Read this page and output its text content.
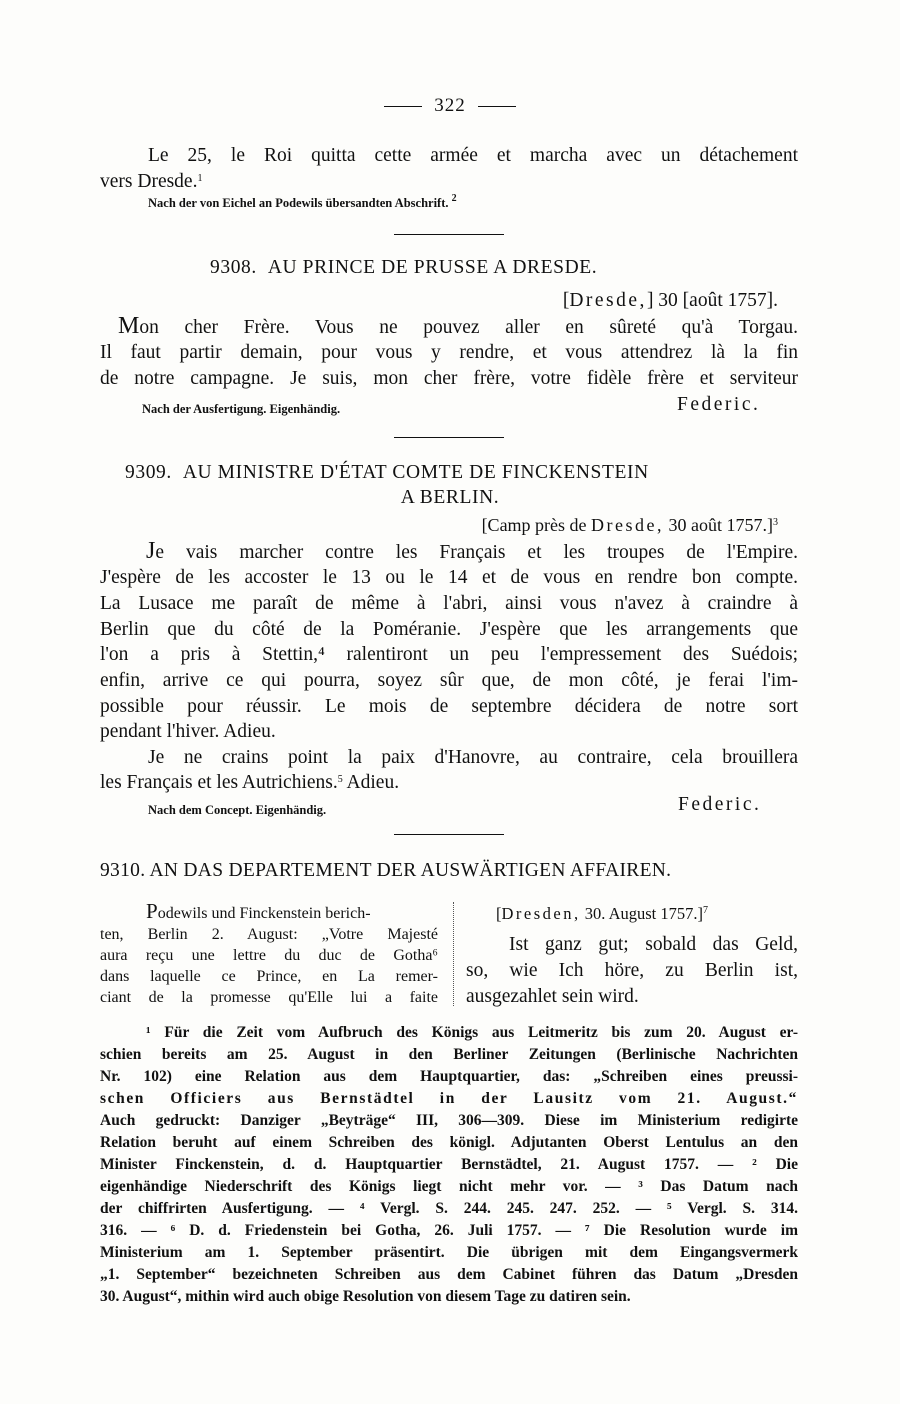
322
Le 25, le Roi quitta cette armée et marcha avec un détachement
vers Dresde.$^1$
Nach der von Eichel an Podewils übersandten Abschrift. $^2$
9308. AU PRINCE DE PRUSSE A DRESDE.
[Dresde,] 30 [août 1757].
Mon cher Frère. Vous ne pouvez aller en sûreté qu'à Torgau.
Il faut partir demain, pour vous y rendre, et vous attendrez là la fin
de notre campagne. Je suis, mon cher frère, votre fidèle frère et serviteur
Nach der Ausfertigung. Eigenhändig.	Federic.
9309. AU MINISTRE D'ÉTAT COMTE DE FINCKENSTEIN
A BERLIN.
[Camp près de Dresde, 30 août 1757.]$^3$
Je vais marcher contre les Français et les troupes de l'Empire.
J'espère de les accoster le 13 ou le 14 et de vous en rendre bon compte.
La Lusace me paraît de même à l'abri, ainsi vous n'avez à craindre à
Berlin que du côté de la Poméranie. J'espère que les arrangements que
l'on a pris à Stettin,⁴ ralentiront un peu l'empressement des Suédois;
enfin, arrive ce qui pourra, soyez sûr que, de mon côté, je ferai l'im-
possible pour réussir. Le mois de septembre décidera de notre sort
pendant l'hiver. Adieu.
Je ne crains point la paix d'Hanovre, au contraire, cela brouillera
les Français et les Autrichiens.$^5$ Adieu.
Nach dem Concept. Eigenhändig.	Federic.
9310. AN DAS DEPARTEMENT DER AUSWÄRTIGEN AFFAIREN.
Podewils und Finckenstein berich-
ten, Berlin 2. August: „Votre Majesté
aura reçu une lettre du duc de Gotha⁶
dans laquelle ce Prince, en La remer-
ciant de la promesse qu'Elle lui a faite
[Dresden, 30. August 1757.]$^7$
Ist ganz gut; sobald das Geld,
so, wie Ich höre, zu Berlin ist,
ausgezahlet sein wird.
¹ Für die Zeit vom Aufbruch des Königs aus Leitmeritz bis zum 20. August er-
schien bereits am 25. August in den Berliner Zeitungen (Berlinische Nachrichten
Nr. 102) eine Relation aus dem Hauptquartier, das: „Schreiben eines preussi-
schen Officiers aus Bernstädtel in der Lausitz vom 21. August.“
Auch gedruckt: Danziger „Beyträge“ III, 306—309. Diese im Ministerium redigirte
Relation beruht auf einem Schreiben des königl. Adjutanten Oberst Lentulus an den
Minister Finckenstein, d. d. Hauptquartier Bernstädtel, 21. August 1757. — ² Die
eigenhändige Niederschrift des Königs liegt nicht mehr vor. — ³ Das Datum nach
der chiffrirten Ausfertigung. — ⁴ Vergl. S. 244. 245. 247. 252. — ⁵ Vergl. S. 314.
316. — ⁶ D. d. Friedenstein bei Gotha, 26. Juli 1757. — ⁷ Die Resolution wurde im
Ministerium am 1. September präsentirt. Die übrigen mit dem Eingangsvermerk
„1. September“ bezeichneten Schreiben aus dem Cabinet führen das Datum „Dresden
30. August“, mithin wird auch obige Resolution von diesem Tage zu datiren sein.
